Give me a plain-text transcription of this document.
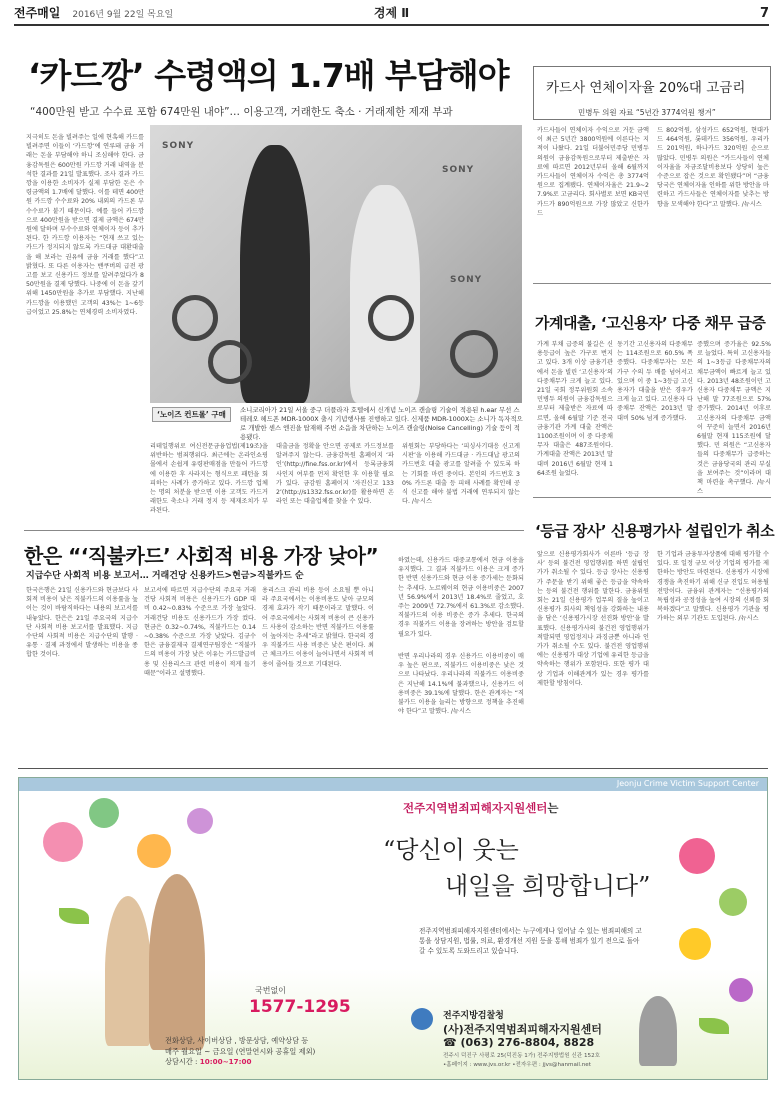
전주매일 2016년 9월 22일 목요일	경제 Ⅱ	7
‘카드깡’ 수령액의 1.7배 부담해야
“400만원 받고 수수료 포함 674만원 내야”… 이용고객, 거래한도 축소 · 거래제한 제재 부과
지극히도 돈을 빌려주는 일에 현혹해 카드를 빌려주면 이들이 ‘카드깡’에 연루돼 금융 거래는 돈을 부담해야 하니 조심해야 한다. 금융감독원은 600만원 카드깡 거래 내역을 분석한 결과를 21일 발표했다. 조사 결과 카드깡을 이용한 소비자가 실제 부담한 돈은 수령금액의 1.7배에 달했다. 이를 테면 400만원 카드깡 수수료와 20% 내외의 카드론 부수수료가 붙기 때문이다. 예를 들어 카드깡으로 400만원을 받으면 결제 금액은 674만원에 달하며 부수수료와 연체이자 등이 추가된다. 한 카드깡 이용자는 “현재 쓰고 있는 카드가 정지되지 않도록 카드대금 대환대출을 해 보라는 권유에 금융 거래를 했다”고 밝혔다. 또 다른 이용자는 밴쿠버의 급전 광고를 보고 신용카드 정보를 알려주었다가 850만원을 결제 당했다. 나중에 이 돈을 갚기 위해 1450만원을 추가로 부담했다. 지난해 카드깡을 이용했던 고객의 43%는 1~6등급이었고 25.8%는 연체경력 소비자였다.
SONY
SONY
SONY
‘노이즈 컨트롤’ 구매	소니코리아가 21일 서울 중구 더플라자 호텔에서 신개념 노이즈 캔슬링 기술이 적용된 h.ear 무선 스테레오 헤드폰 MDR-1000X 출시 기념행사를 진행하고 있다. 신제품 MDR-1000X는 소니가 독자적으로 개발한 센스 엔진을 탑재해 주변 소음을 차단하는 노이즈 캔슬링(Noise Cancelling) 기술 등이 적용됐다.
리테일행위로 여신전문금융업법(제19조)을 위반하는 범죄행위다. 최근에는 온라인쇼핑몰에서 손쉽게 유령판매점을 만들어 카드깡에 이용한 후 사라지는 형식으로 패턴을 회피하는 사례가 증가하고 있다. 카드깡 업체는 명의 처분을 받으면 이용 고객도 카드거래한도 축소나 거래 정지 등 제재조치가 부과된다.
대출금을 정확을 안으면 공제로 카드정보를 알려주지 않는다. 금융감독원 홈페이지 ‘파인’(http://fine.fss.or.kr)에서 등록금융회사인지 여부를 먼저 확인한 후 이용할 필요가 있다. 금감원 홈페이지 ‘자진신고 1332’(http://s1332.fss.or.kr)를 활용하면 온라인 또는 대출업체를 찾을 수 있다.
위원회는 부당하다는 ‘피싱사기대응 신고게시판’을 이용해 카드대금 · 카드대납 광고의 카드번호 대출 광고를 알려줄 수 있도록 하는 기회를 마련 중이다. 본인의 카드번호 30% 카드론 대출 등 피해 사례를 확인해 공식 신고를 해야 불법 거래에 연루되지 않는다. /뉴시스
카드사 연체이자율 20%대 고금리
민병두 의원 자료 “5년간 3774억원 챙겨”
카드사들이 연체이자 수익으로 거둔 금액이 최근 5년간 3800억원에 이른다는 지적이 나왔다. 21일 더불어민주당 민병두 의원이 금융감독원으로부터 제출받은 자료에 따르면 2012년부터 올해 6월까지 카드사들이 연체이자 수익은 총 3774억원으로 집계됐다. 연체이자율은 21.9~27.9%로 고금리다. 회사별로 보면 KB국민카드가 890억원으로 가장 많았고 신한카드
드 802억원, 삼성카드 652억원, 현대카드 464억원, 롯데카드 356억원, 우리카드 201억원, 하나카드 320억원 순으로 많았다. 민병두 의원은 “카드사들이 연체이자율을 자금조달비용보다 상당히 높은 수준으로 잡은 것으로 확인됐다”며 “금융당국은 연체이자율 인하를 위한 방안을 마련하고 카드사들은 연체이자를 낮추는 방향을 모색해야 한다”고 말했다. /뉴시스
가계대출, ‘고신용자’ 다중 채무 급증
가계 부채 급증의 불길은 신용등급이 높은 가구로 번지고 있다. 3개 이상 금융기관에서 돈을 빌린 ‘고신용자’의 다중채무가 크게 늘고 있다. 21일 국회 정무위원회 소속 민병두 의원이 금융감독원으로부터 제출받은 자료에 따르면, 올해 6월말 기준 전국 금융기관 가계 대출 잔액은 1100조원이며 이 중 다중채무자 대출은 487조원이다. 가계대출 잔액은 2013년 말 대비 2016년 6월말 현재 164조원 늘었다.
동기간 고신용자의 다중채무는 114조원으로 60.5% 폭증했다. 다중채무자는 모든 가구 수의 두 배를 넘어서고 있으며 이 중 1~3등급 고신용자가 대출을 받은 경우가 크게 늘고 있다. 고신용자 다중채무 잔액은 2013년 말 대비 50% 넘게 증가했다.
증했으며 증가율은 92.5%로 늘었다. 특히 고신용자들의 1~3등급 다중채무자의 채무금액이 빠르게 늘고 있다. 2013년 48조원이던 고신용자 다중채무 금액은 지난해 말 77조원으로 57% 증가했다. 2014년 이후로 고신용자의 다중채무 금액이 꾸준히 늘면서 2016년 6월말 현재 115조원에 달했다. 민 의원은 “고신용자들의 다중채무가 급증하는 것은 금융당국의 관리 부실을 보여주는 것”이라며 대책 마련을 촉구했다. /뉴시스
‘등급 장사’ 신용평가사 설립인가 취소
앞으로 신용평가회사가 이른바 ‘등급 장사’ 등의 불건전 영업행위를 하면 설립인가가 취소될 수 있다. 등급 장사는 신용평가 주문을 받기 위해 좋은 등급을 약속하는 등의 불건전 행위를 말한다. 금융위원회는 21일 신용평가 업무의 질을 높이고 신용평가 회사의 책임성을 강화하는 내용을 담은 ‘신용평가시장 선진화 방안’을 발표했다. 신용평가사의 불건전 영업행위가 적발되면 영업정지나 과징금뿐 아니라 인가가 취소될 수도 있다. 불건전 영업행위에는 신용평가 대상 기업에 유리한 등급을 약속하는 행위가 포함된다. 또한 평가 대상 기업과 이해관계가 있는 경우 평가를 제한할 방침이다.
한 기업과 금융투자상품에 대해 평가할 수 있다. 또 일정 규모 이상 기업의 평가를 제한하는 방안도 마련된다. 신용평가 시장에 경쟁을 촉진하기 위해 신규 진입도 허용될 전망이다. 금융위 관계자는 “신용평가의 독립성과 공정성을 높여 시장의 신뢰를 회복하겠다”고 말했다. 신용평가 기관을 평가하는 외부 기관도 도입된다. /뉴시스
한은 “‘직불카드’ 사회적 비용 가장 낮아”
지급수단 사회적 비용 보고서… 거래건당 신용카드>현금>직불카드 순
한국은행은 21일 신용카드와 현금보다 사회적 비용이 낮은 직불카드의 이용률을 높이는 것이 바람직하다는 내용의 보고서를 내놓았다. 한은은 21일 주요국의 지급수단 사회적 비용 보고서를 발표했다. 지급수단의 사회적 비용은 지급수단의 발행 · 유통 · 결제 과정에서 발생하는 비용을 종합한 것이다.
보고서에 따르면 지급수단의 주요국 거래건당 사회적 비용은 신용카드가 GDP 대비 0.42~0.83% 수준으로 가장 높았다. 거래건당 비용도 신용카드가 가장 컸다. 현금은 0.32~0.74%, 직불카드는 0.14~0.38% 수준으로 가장 낮았다. 김규수 한은 금융결제국 결제연구팀장은 “직불카드의 비용이 가장 낮은 이유는 카드발급비용 및 신용리스크 관련 비용이 적게 들기 때문”이라고 설명했다.
용리스크 관리 비용 등이 소요될 뿐 아니라 주요국에서는 이용비용도 낮아 규모의 경제 효과가 작기 때문이라고 말했다. 이어 주요국에서는 사회적 비용이 큰 신용카드 사용이 감소하는 반면 직불카드 이용률이 높아지는 추세”라고 밝혔다. 한국의 경우 직불카드 사용 비중은 낮은 편이다. 최근 체크카드 이용이 늘어나면서 사회적 비용이 줄어들 것으로 기대된다.
하였는데, 신용카드 대중교통에서 현금 이용을 유지했다. 그 결과 직불카드 이용은 크게 증가한 반면 신용카드와 현금 이용 증가세는 둔화되는 추세다. 노르웨이의 현금 이용비중은 2007년 56.9%에서 2013년 18.4%로 줄었고, 호주는 2009년 72.7%에서 61.3%로 감소했다. 직불카드의 이용 비중은 증가 추세다. 한국의 경우 직불카드 이용을 장려하는 방안을 검토할 필요가 있다.
반면 우리나라의 경우 신용카드 이용비중이 매우 높은 편으로, 직불카드 이용비중은 낮은 것으로 나타났다. 우리나라의 직불카드 이용비중은 지난해 14.1%에 불과했으나, 신용카드 이용비중은 39.1%에 달했다. 한은 관계자는 “직불카드 이용을 늘리는 방향으로 정책을 추진해야 한다”고 말했다. /뉴시스
Jeonju Crime Victim Support Center
전주지역범죄피해자지원센터는
“당신이 웃는
내일을 희망합니다”
전주지역범죄피해자지원센터에서는 누구에게나 일어날 수 있는 범죄피해의 고통을 상담지원, 법률, 의료, 환경개선 지원 등을 통해 범죄가 있기 전으로 돌아갈 수 있도록 도와드리고 있습니다.
국번없이
1577-1295
전화상담, 사이버상담 , 방문상담, 예약상담 등
매주 월요일 ~ 금요일 (연말연시와 공휴일 제외)
상담시간 : 10:00~17:00
전주지방검찰청
(사)전주지역범죄피해자지원센터
☎ (063) 276-8804, 8828
전주시 덕진구 사평로 25(덕진동 1가) 전주지방법원 신관 152호
•홈페이지 : www.jvs.or.kr •전자우편 : jjvs@hanmail.net
